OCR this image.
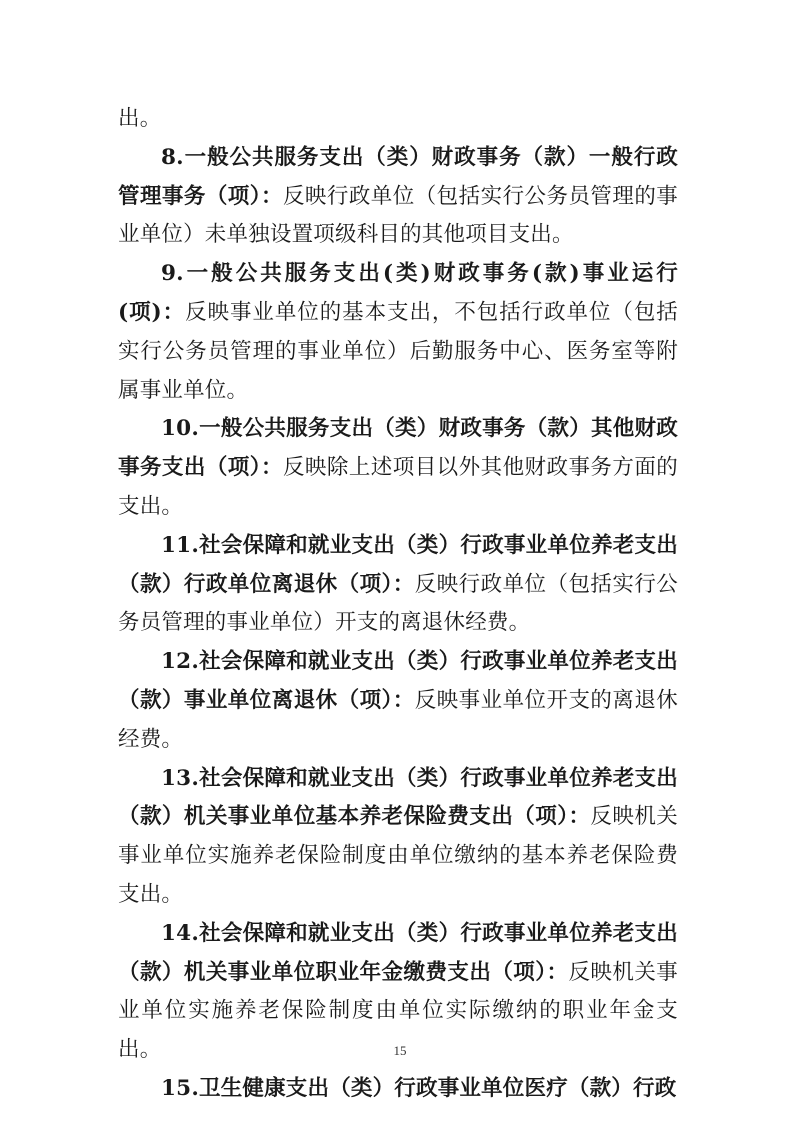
出。

8.一般公共服务支出（类）财政事务（款）一般行政管理事务（项）：反映行政单位（包括实行公务员管理的事业单位）未单独设置项级科目的其他项目支出。

9.一般公共服务支出(类)财政事务(款)事业运行(项)：反映事业单位的基本支出，不包括行政单位（包括实行公务员管理的事业单位）后勤服务中心、医务室等附属事业单位。

10.一般公共服务支出（类）财政事务（款）其他财政事务支出（项）：反映除上述项目以外其他财政事务方面的支出。

11.社会保障和就业支出（类）行政事业单位养老支出（款）行政单位离退休（项）：反映行政单位（包括实行公务员管理的事业单位）开支的离退休经费。

12.社会保障和就业支出（类）行政事业单位养老支出（款）事业单位离退休（项）：反映事业单位开支的离退休经费。

13.社会保障和就业支出（类）行政事业单位养老支出（款）机关事业单位基本养老保险费支出（项）：反映机关事业单位实施养老保险制度由单位缴纳的基本养老保险费支出。

14.社会保障和就业支出（类）行政事业单位养老支出（款）机关事业单位职业年金缴费支出（项）：反映机关事业单位实施养老保险制度由单位实际缴纳的职业年金支出。

15.卫生健康支出（类）行政事业单位医疗（款）行政

15
